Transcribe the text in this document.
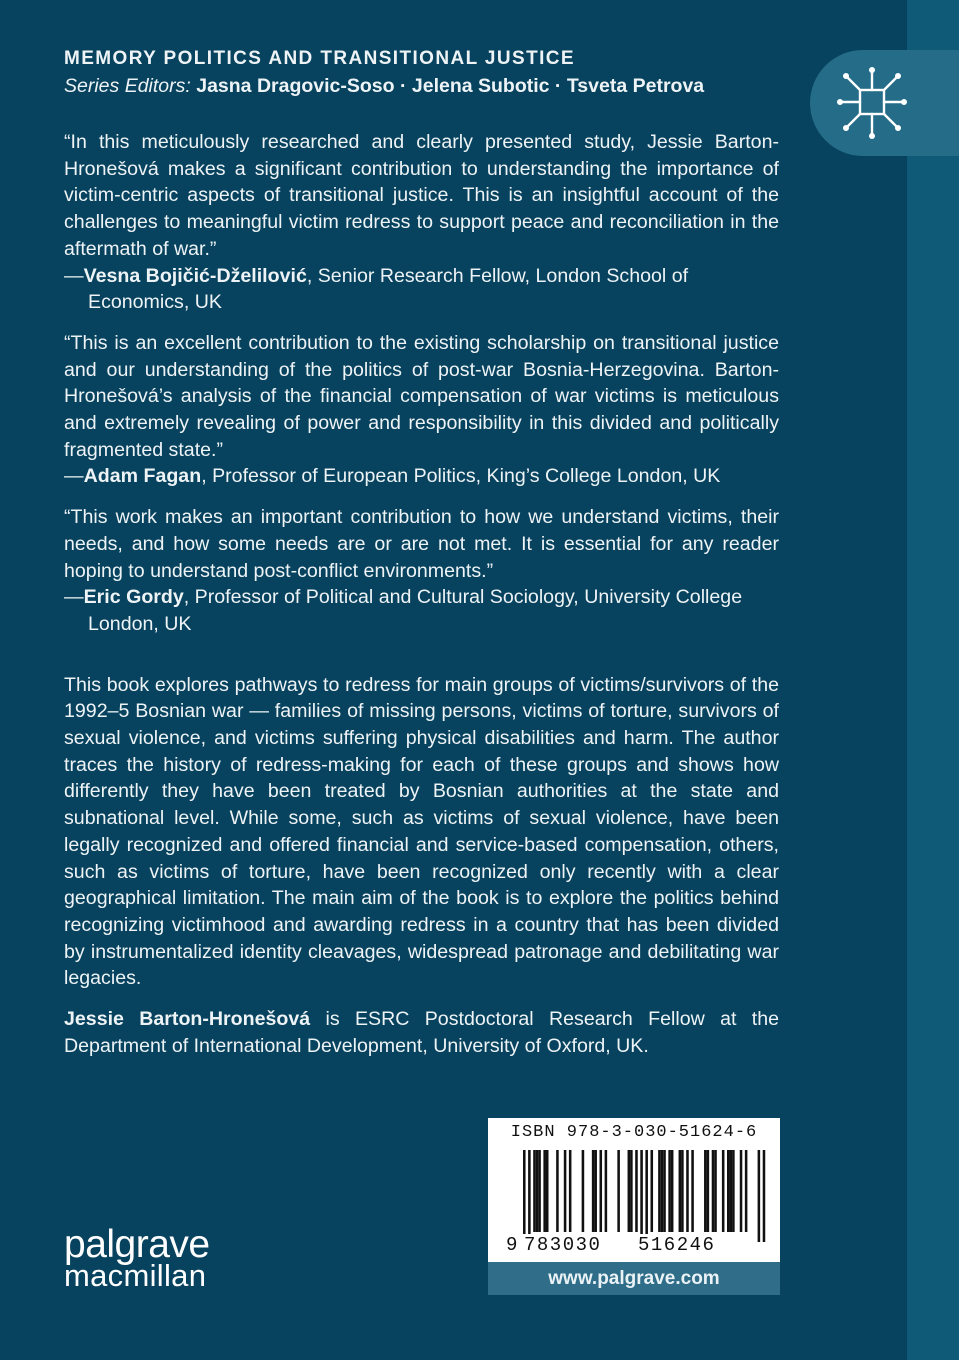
MEMORY POLITICS AND TRANSITIONAL JUSTICE
Series Editors: Jasna Dragovic-Soso · Jelena Subotic · Tsveta Petrova

“In this meticulously researched and clearly presented study, Jessie Barton-Hronešová makes a significant contribution to understanding the importance of victim-centric aspects of transitional justice. This is an insightful account of the challenges to meaningful victim redress to support peace and reconciliation in the aftermath of war.”

—Vesna Bojičić-Dželilović, Senior Research Fellow, London School of Economics, UK

“This is an excellent contribution to the existing scholarship on transitional justice and our understanding of the politics of post-war Bosnia-Herzegovina. Barton-Hronešová’s analysis of the financial compensation of war victims is meticulous and extremely revealing of power and responsibility in this divided and politically fragmented state.”

—Adam Fagan, Professor of European Politics, King’s College London, UK

“This work makes an important contribution to how we understand victims, their needs, and how some needs are or are not met. It is essential for any reader hoping to understand post-conflict environments.”

—Eric Gordy, Professor of Political and Cultural Sociology, University College London, UK

This book explores pathways to redress for main groups of victims/survivors of the 1992–5 Bosnian war — families of missing persons, victims of torture, survivors of sexual violence, and victims suffering physical disabilities and harm. The author traces the history of redress-making for each of these groups and shows how differently they have been treated by Bosnian authorities at the state and subnational level. While some, such as victims of sexual violence, have been legally recognized and offered financial and service-based compensation, others, such as victims of torture, have been recognized only recently with a clear geographical limitation. The main aim of the book is to explore the politics behind recognizing victimhood and awarding redress in a country that has been divided by instrumentalized identity cleavages, widespread patronage and debilitating war legacies.

Jessie Barton-Hronešová is ESRC Postdoctoral Research Fellow at the Department of International Development, University of Oxford, UK.

ISBN 978-3-030-51624-6
9 783030 516246
www.palgrave.com
palgrave
macmillan
